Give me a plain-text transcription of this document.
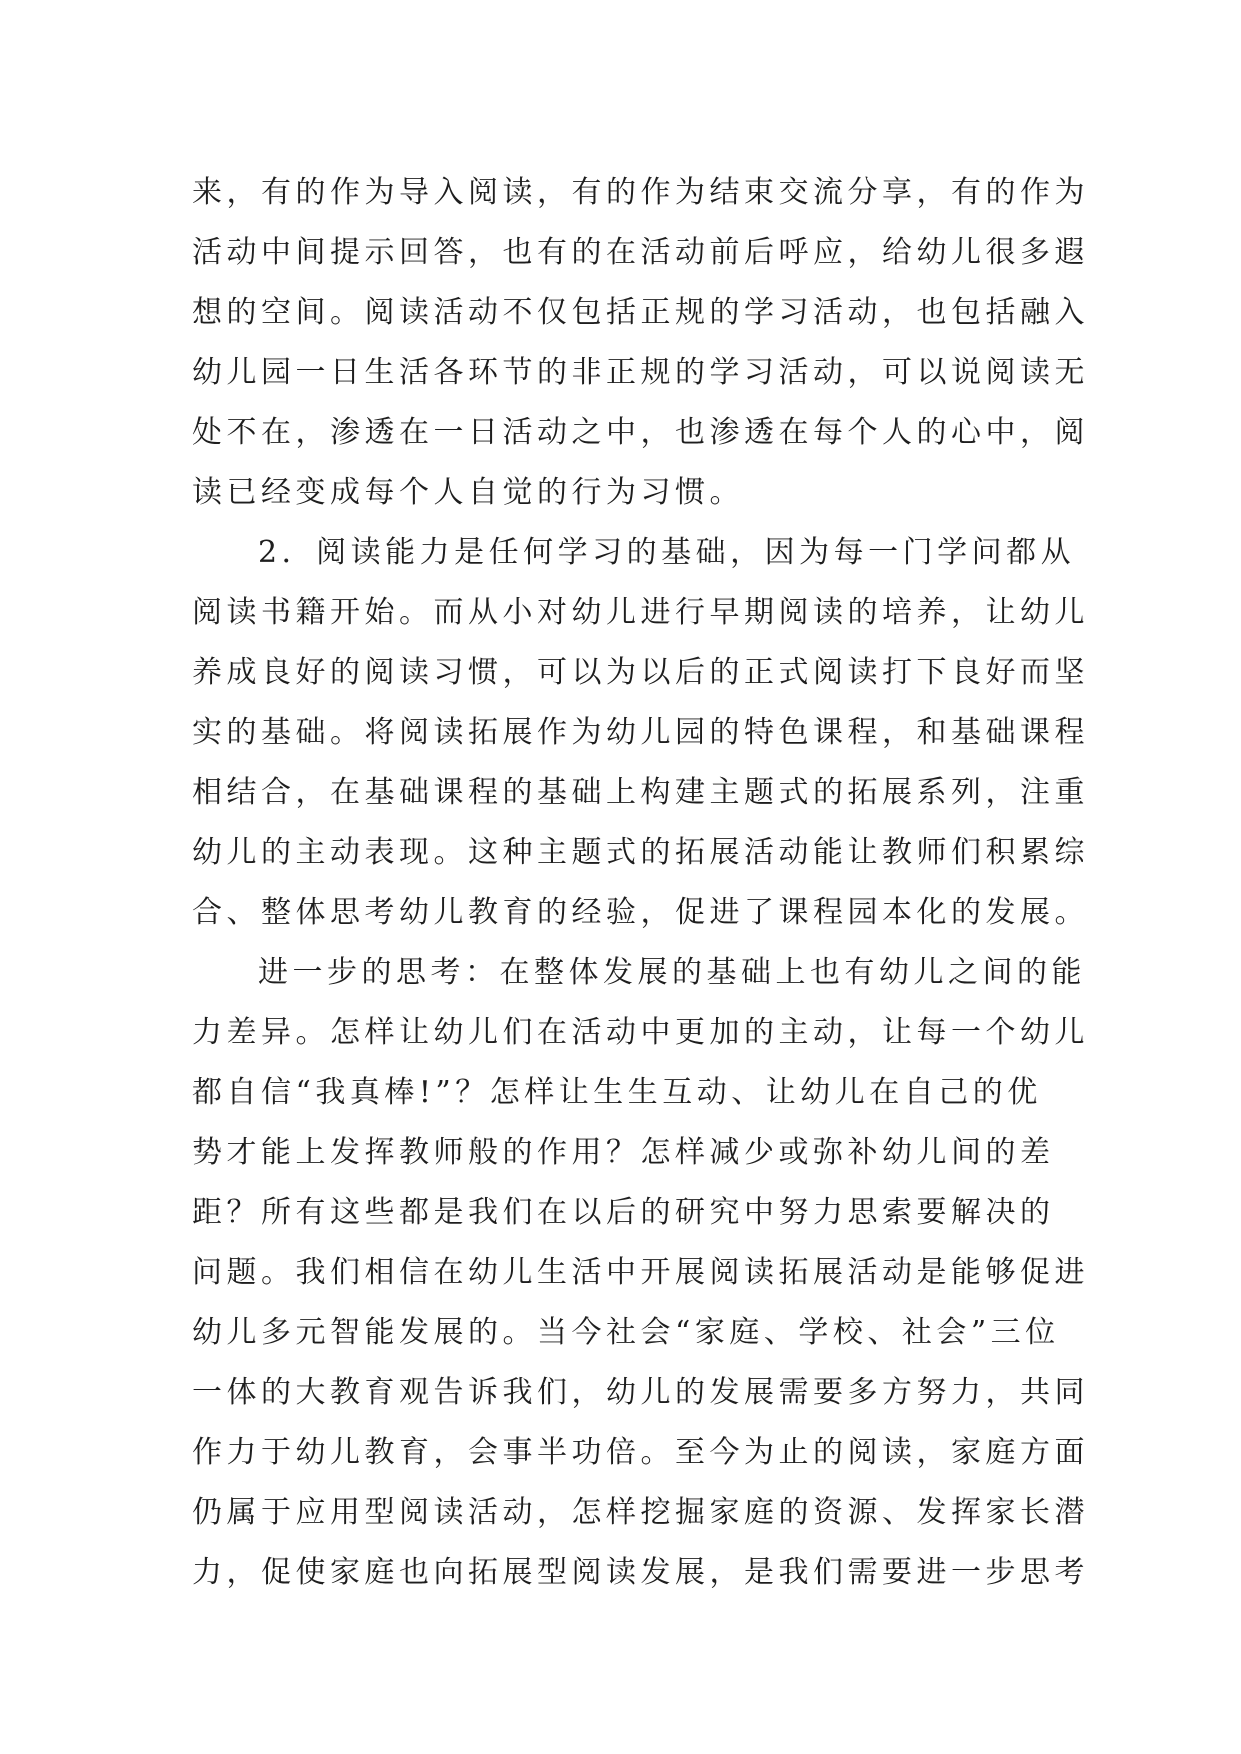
来，有的作为导入阅读，有的作为结束交流分享，有的作为
活动中间提示回答，也有的在活动前后呼应，给幼儿很多遐
想的空间。阅读活动不仅包括正规的学习活动，也包括融入
幼儿园一日生活各环节的非正规的学习活动，可以说阅读无
处不在，渗透在一日活动之中，也渗透在每个人的心中，阅
读已经变成每个人自觉的行为习惯。
2．阅读能力是任何学习的基础，因为每一门学问都从
阅读书籍开始。而从小对幼儿进行早期阅读的培养，让幼儿
养成良好的阅读习惯，可以为以后的正式阅读打下良好而坚
实的基础。将阅读拓展作为幼儿园的特色课程，和基础课程
相结合，在基础课程的基础上构建主题式的拓展系列，注重
幼儿的主动表现。这种主题式的拓展活动能让教师们积累综
合、整体思考幼儿教育的经验，促进了课程园本化的发展。
进一步的思考：在整体发展的基础上也有幼儿之间的能
力差异。怎样让幼儿们在活动中更加的主动，让每一个幼儿
都自信“我真棒!”？怎样让生生互动、让幼儿在自己的优
势才能上发挥教师般的作用？怎样减少或弥补幼儿间的差
距？所有这些都是我们在以后的研究中努力思索要解决的
问题。我们相信在幼儿生活中开展阅读拓展活动是能够促进
幼儿多元智能发展的。当今社会“家庭、学校、社会”三位
一体的大教育观告诉我们，幼儿的发展需要多方努力，共同
作力于幼儿教育，会事半功倍。至今为止的阅读，家庭方面
仍属于应用型阅读活动，怎样挖掘家庭的资源、发挥家长潜
力，促使家庭也向拓展型阅读发展，是我们需要进一步思考
